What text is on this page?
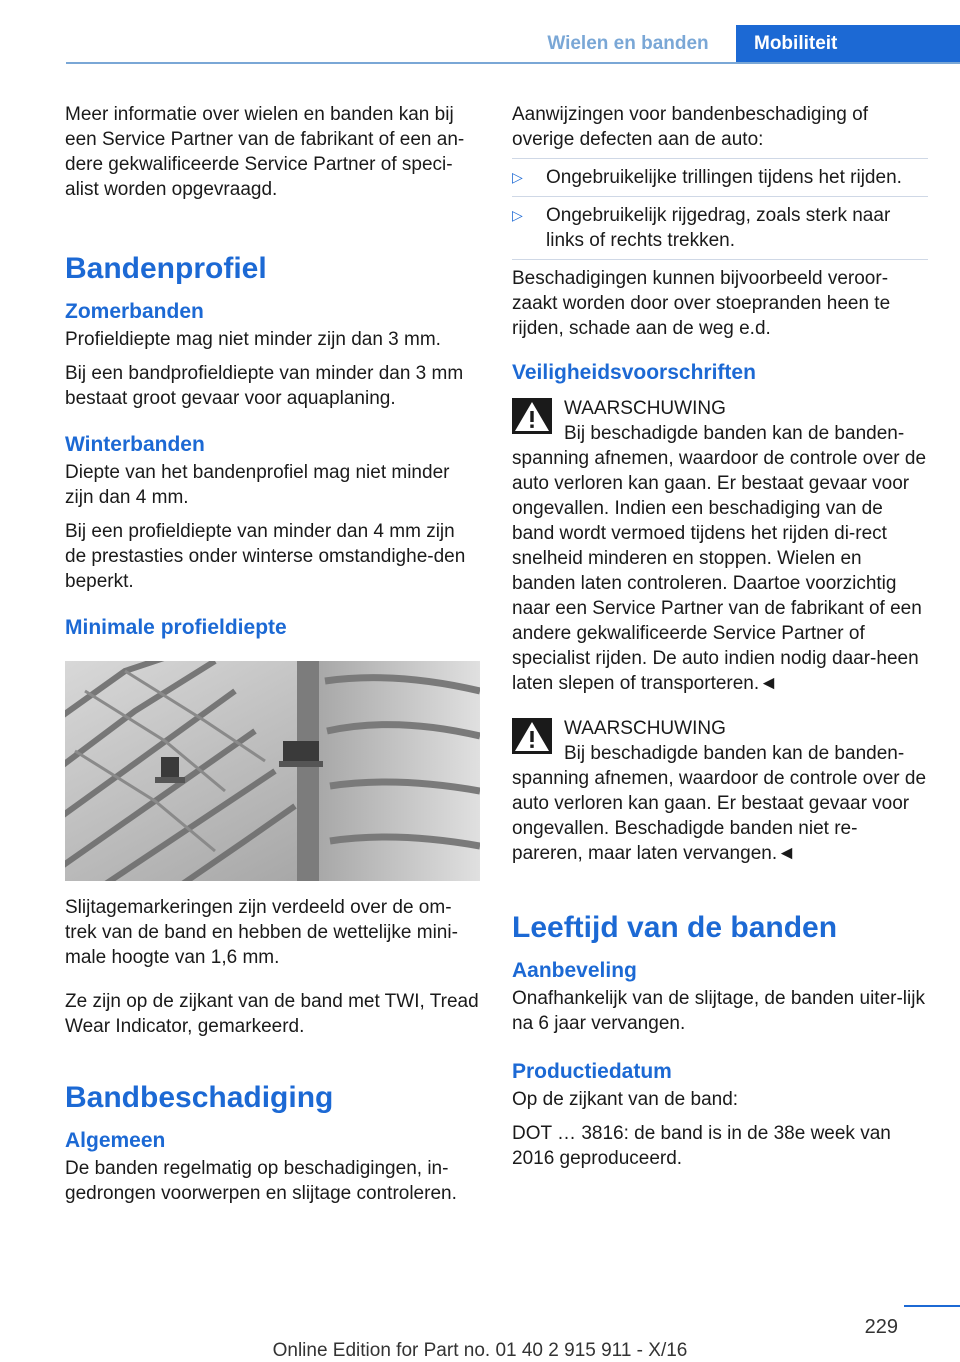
Wielen en banden	Mobiliteit

Meer informatie over wielen en banden kan bij een Service Partner van de fabrikant of een an-dere gekwalificeerde Service Partner of speci-alist worden opgevraagd.

Bandenprofiel
Zomerbanden

Profieldiepte mag niet minder zijn dan 3 mm.

Bij een bandprofieldiepte van minder dan 3 mm bestaat groot gevaar voor aquaplaning.

Winterbanden

Diepte van het bandenprofiel mag niet minder zijn dan 4 mm.

Bij een profieldiepte van minder dan 4 mm zijn de prestasties onder winterse omstandighe-den beperkt.

Minimale profieldiepte

Slijtagemarkeringen zijn verdeeld over de om-trek van de band en hebben de wettelijke mini-male hoogte van 1,6 mm.

Ze zijn op de zijkant van de band met TWI, Tread Wear Indicator, gemarkeerd.

Bandbeschadiging
Algemeen

De banden regelmatig op beschadigingen, in-gedrongen voorwerpen en slijtage controleren.

Aanwijzingen voor bandenbeschadiging of overige defecten aan de auto:

▷ Ongebruikelijke trillingen tijdens het rijden.
▷ Ongebruikelijk rijgedrag, zoals sterk naar links of rechts trekken.

Beschadigingen kunnen bijvoorbeeld veroor-zaakt worden door over stoepranden heen te rijden, schade aan de weg e.d.

Veiligheidsvoorschriften
WAARSCHUWING

Bij beschadigde banden kan de banden-spanning afnemen, waardoor de controle over de auto verloren kan gaan. Er bestaat gevaar voor ongevallen. Indien een beschadiging van de band wordt vermoed tijdens het rijden di-rect snelheid minderen en stoppen. Wielen en banden laten controleren. Daartoe voorzichtig naar een Service Partner van de fabrikant of een andere gekwalificeerde Service Partner of specialist rijden. De auto indien nodig daar-heen laten slepen of transporteren.◄

WAARSCHUWING

Bij beschadigde banden kan de banden-spanning afnemen, waardoor de controle over de auto verloren kan gaan. Er bestaat gevaar voor ongevallen. Beschadigde banden niet re-pareren, maar laten vervangen.◄

Leeftijd van de banden
Aanbeveling

Onafhankelijk van de slijtage, de banden uiter-lijk na 6 jaar vervangen.

Productiedatum

Op de zijkant van de band:

DOT … 3816: de band is in de 38e week van 2016 geproduceerd.

229
Online Edition for Part no. 01 40 2 915 911 - X/16
